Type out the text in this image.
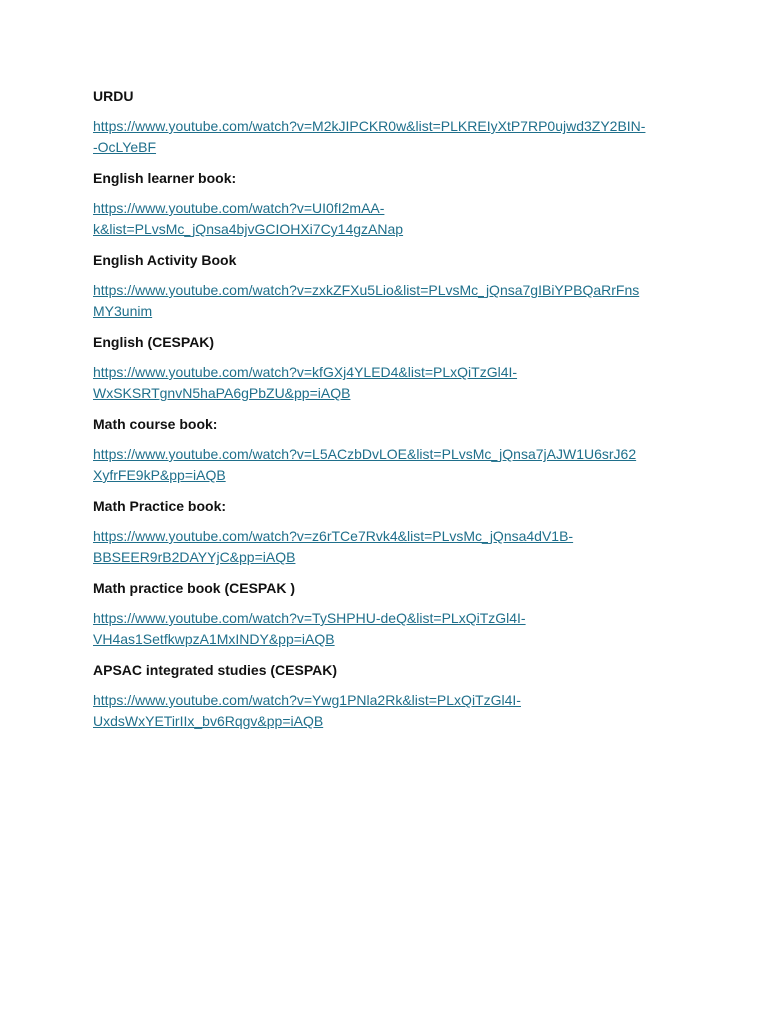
URDU
https://www.youtube.com/watch?v=M2kJIPCKR0w&list=PLKREIyXtP7RP0ujwd3ZY2BIN-
-OcLYeBF
English learner book:
https://www.youtube.com/watch?v=UI0fI2mAA-
k&list=PLvsMc_jQnsa4bjvGCIOHXi7Cy14gzANap
English Activity Book
https://www.youtube.com/watch?v=zxkZFXu5Lio&list=PLvsMc_jQnsa7gIBiYPBQaRrFns
MY3unim
English (CESPAK)
https://www.youtube.com/watch?v=kfGXj4YLED4&list=PLxQiTzGl4I-
WxSKSRTgnvN5haPA6gPbZU&pp=iAQB
Math course book:
https://www.youtube.com/watch?v=L5ACzbDvLOE&list=PLvsMc_jQnsa7jAJW1U6srJ62
XyfrFE9kP&pp=iAQB
Math Practice book:
https://www.youtube.com/watch?v=z6rTCe7Rvk4&list=PLvsMc_jQnsa4dV1B-
BBSEER9rB2DAYYjC&pp=iAQB
Math practice book (CESPAK )
https://www.youtube.com/watch?v=TySHPHU-deQ&list=PLxQiTzGl4I-
VH4as1SetfkwpzA1MxINDY&pp=iAQB
APSAC integrated studies (CESPAK)
https://www.youtube.com/watch?v=Ywg1PNla2Rk&list=PLxQiTzGl4I-
UxdsWxYETirIIx_bv6Rqgv&pp=iAQB
